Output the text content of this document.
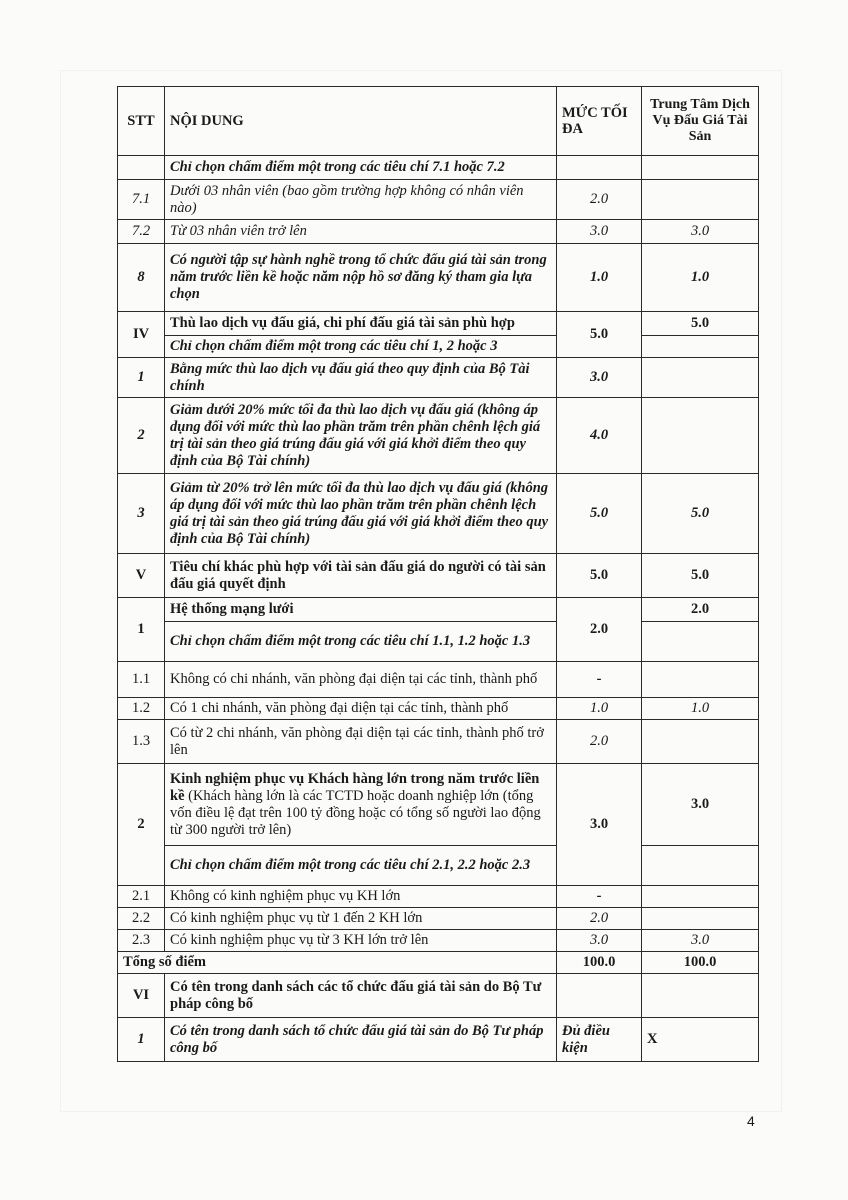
STT	NỘI DUNG	MỨC TỐI ĐA	Trung Tâm Dịch Vụ Đấu Giá Tài Sản
	Chỉ chọn chấm điểm một trong các tiêu chí 7.1 hoặc 7.2		
7.1	Dưới 03 nhân viên (bao gồm trường hợp không có nhân viên nào)	2.0	
7.2	Từ 03 nhân viên trở lên	3.0	3.0
8	Có người tập sự hành nghề trong tổ chức đấu giá tài sản trong năm trước liền kề hoặc năm nộp hồ sơ đăng ký tham gia lựa chọn	1.0	1.0
IV	Thù lao dịch vụ đấu giá, chi phí đấu giá tài sản phù hợp	5.0	5.0
	Chỉ chọn chấm điểm một trong các tiêu chí 1, 2 hoặc 3		
1	Bằng mức thù lao dịch vụ đấu giá theo quy định của Bộ Tài chính	3.0	
2	Giảm dưới 20% mức tối đa thù lao dịch vụ đấu giá (không áp dụng đối với mức thù lao phần trăm trên phần chênh lệch giá trị tài sản theo giá trúng đấu giá với giá khởi điểm theo quy định của Bộ Tài chính)	4.0	
3	Giảm từ 20% trở lên mức tối đa thù lao dịch vụ đấu giá (không áp dụng đối với mức thù lao phần trăm trên phần chênh lệch giá trị tài sản theo giá trúng đấu giá với giá khởi điểm theo quy định của Bộ Tài chính)	5.0	5.0
V	Tiêu chí khác phù hợp với tài sản đấu giá do người có tài sản đấu giá quyết định	5.0	5.0
1	Hệ thống mạng lưới	2.0	2.0
	Chỉ chọn chấm điểm một trong các tiêu chí 1.1, 1.2 hoặc 1.3		
1.1	Không có chi nhánh, văn phòng đại diện tại các tỉnh, thành phố	-	
1.2	Có 1 chi nhánh, văn phòng đại diện tại các tỉnh, thành phố	1.0	1.0
1.3	Có từ 2 chi nhánh, văn phòng đại diện tại các tỉnh, thành phố trở lên	2.0	
2	Kinh nghiệm phục vụ Khách hàng lớn trong năm trước liền kề (Khách hàng lớn là các TCTD hoặc doanh nghiệp lớn (tổng vốn điều lệ đạt trên 100 tỷ đồng hoặc có tổng số người lao động từ 300 người trở lên)	3.0	3.0
	Chỉ chọn chấm điểm một trong các tiêu chí 2.1, 2.2 hoặc 2.3		
2.1	Không có kinh nghiệm phục vụ KH lớn	-	
2.2	Có kinh nghiệm phục vụ từ 1 đến 2 KH lớn	2.0	
2.3	Có kinh nghiệm phục vụ từ 3 KH lớn trở lên	3.0	3.0
Tổng số điểm		100.0	100.0
VI	Có tên trong danh sách các tổ chức đấu giá tài sản do Bộ Tư pháp công bố		
1	Có tên trong danh sách tổ chức đấu giá tài sản do Bộ Tư pháp công bố	Đủ điều kiện	X
4
